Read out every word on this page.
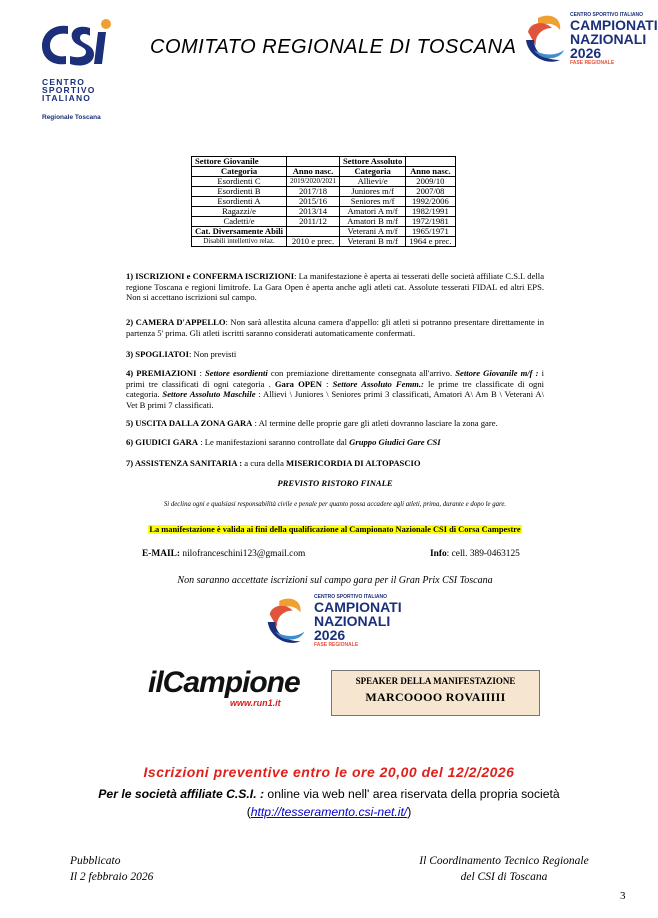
CENTRO
SPORTIVO
ITALIANO
Regionale Toscana
COMITATO REGIONALE DI TOSCANA
CENTRO SPORTIVO ITALIANO
CAMPIONATI
NAZIONALI
2026
FASE REGIONALE
Settore Giovanile		Settore Assoluto	
Categoria	Anno nasc.	Categoria	Anno nasc.
Esordienti C	2019/2020/2021	Allievi/e	2009/10
Esordienti B	2017/18	Juniores m/f	2007/08
Esordienti A	2015/16	Seniores m/f	1992/2006
Ragazzi/e	2013/14	Amatori A m/f	1982/1991
Cadetti/e	2011/12	Amatori B m/f	1972/1981
Cat. Diversamente Abili		Veterani A m/f	1965/1971
Disabili intellettivo relaz.	2010 e prec.	Veterani B m/f	1964 e prec.
1) ISCRIZIONI e CONFERMA ISCRIZIONI: La manifestazione è aperta ai tesserati delle società affiliate C.S.I. della regione Toscana e regioni limitrofe. La Gara Open è aperta anche agli atleti cat. Assolute tesserati FIDAL ed altri EPS. Non si accettano iscrizioni sul campo.
2) CAMERA D'APPELLO: Non sarà allestita alcuna camera d'appello: gli atleti si potranno presentare direttamente in partenza 5' prima. Gli atleti iscritti saranno considerati automaticamente confermati.
3) SPOGLIATOI: Non previsti
4) PREMIAZIONI : Settore esordienti con premiazione direttamente consegnata all'arrivo. Settore Giovanile m/f : i primi tre classificati di ogni categoria . Gara OPEN : Settore Assoluto Femm.: le prime tre classificate di ogni categoria. Settore Assoluto Maschile : Allievi \ Juniores \ Seniores primi 3 classificati, Amatori A\ Am B \ Veterani A\ Vet B primi 7 classificati.
5) USCITA DALLA ZONA GARA : Al termine delle proprie gare gli atleti dovranno lasciare la zona gare.
6) GIUDICI GARA : Le manifestazioni saranno controllate dal Gruppo Giudici Gare CSI
7) ASSISTENZA SANITARIA : a cura della MISERICORDIA DI ALTOPASCIO
PREVISTO RISTORO FINALE
Si declina ogni e qualsiasi responsabilità civile e penale per quanto possa accadere agli atleti, prima, durante e dopo le gare.
La manifestazione è valida ai fini della qualificazione al Campionato Nazionale CSI di Corsa Campestre
E-MAIL: nilofranceschini123@gmail.com	Info: cell. 389-0463125
Non saranno accettate iscrizioni sul campo gara per il Gran Prix CSI Toscana
CENTRO SPORTIVO ITALIANO
CAMPIONATI
NAZIONALI
2026
FASE REGIONALE
ilCampione
www.run1.it
SPEAKER DELLA MANIFESTAZIONE
MARCOOOO ROVAIIIII
Iscrizioni preventive entro le ore 20,00 del 12/2/2026
Per le società affiliate C.S.I. : online via web nell' area riservata della propria società
(http://tesseramento.csi-net.it/)
Pubblicato
Il 2 febbraio 2026
Il Coordinamento Tecnico Regionale
del CSI di Toscana
3
